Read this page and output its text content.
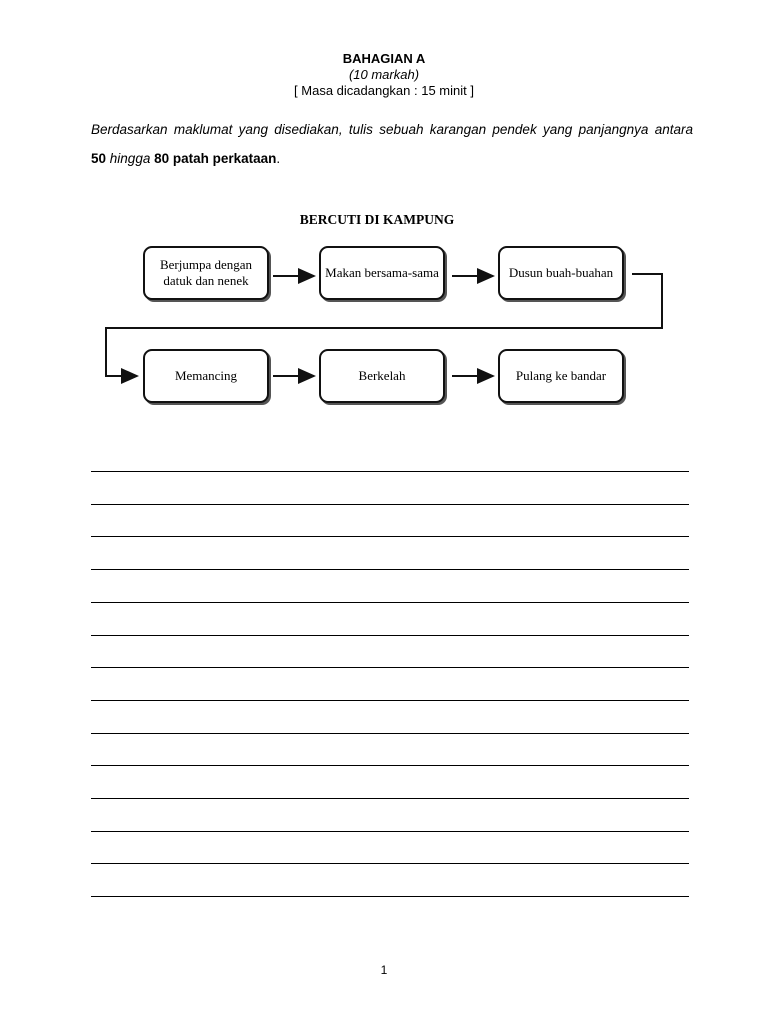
BAHAGIAN A
(10 markah)
[ Masa dicadangkan : 15 minit ]
Berdasarkan maklumat yang disediakan, tulis sebuah karangan pendek yang panjangnya antara
50 hingga 80 patah perkataan.
BERCUTI DI KAMPUNG
Berjumpa dengan datuk dan nenek
Makan bersama-sama	Dusun buah-buahan
Memancing	Berkelah	Pulang ke bandar
1
